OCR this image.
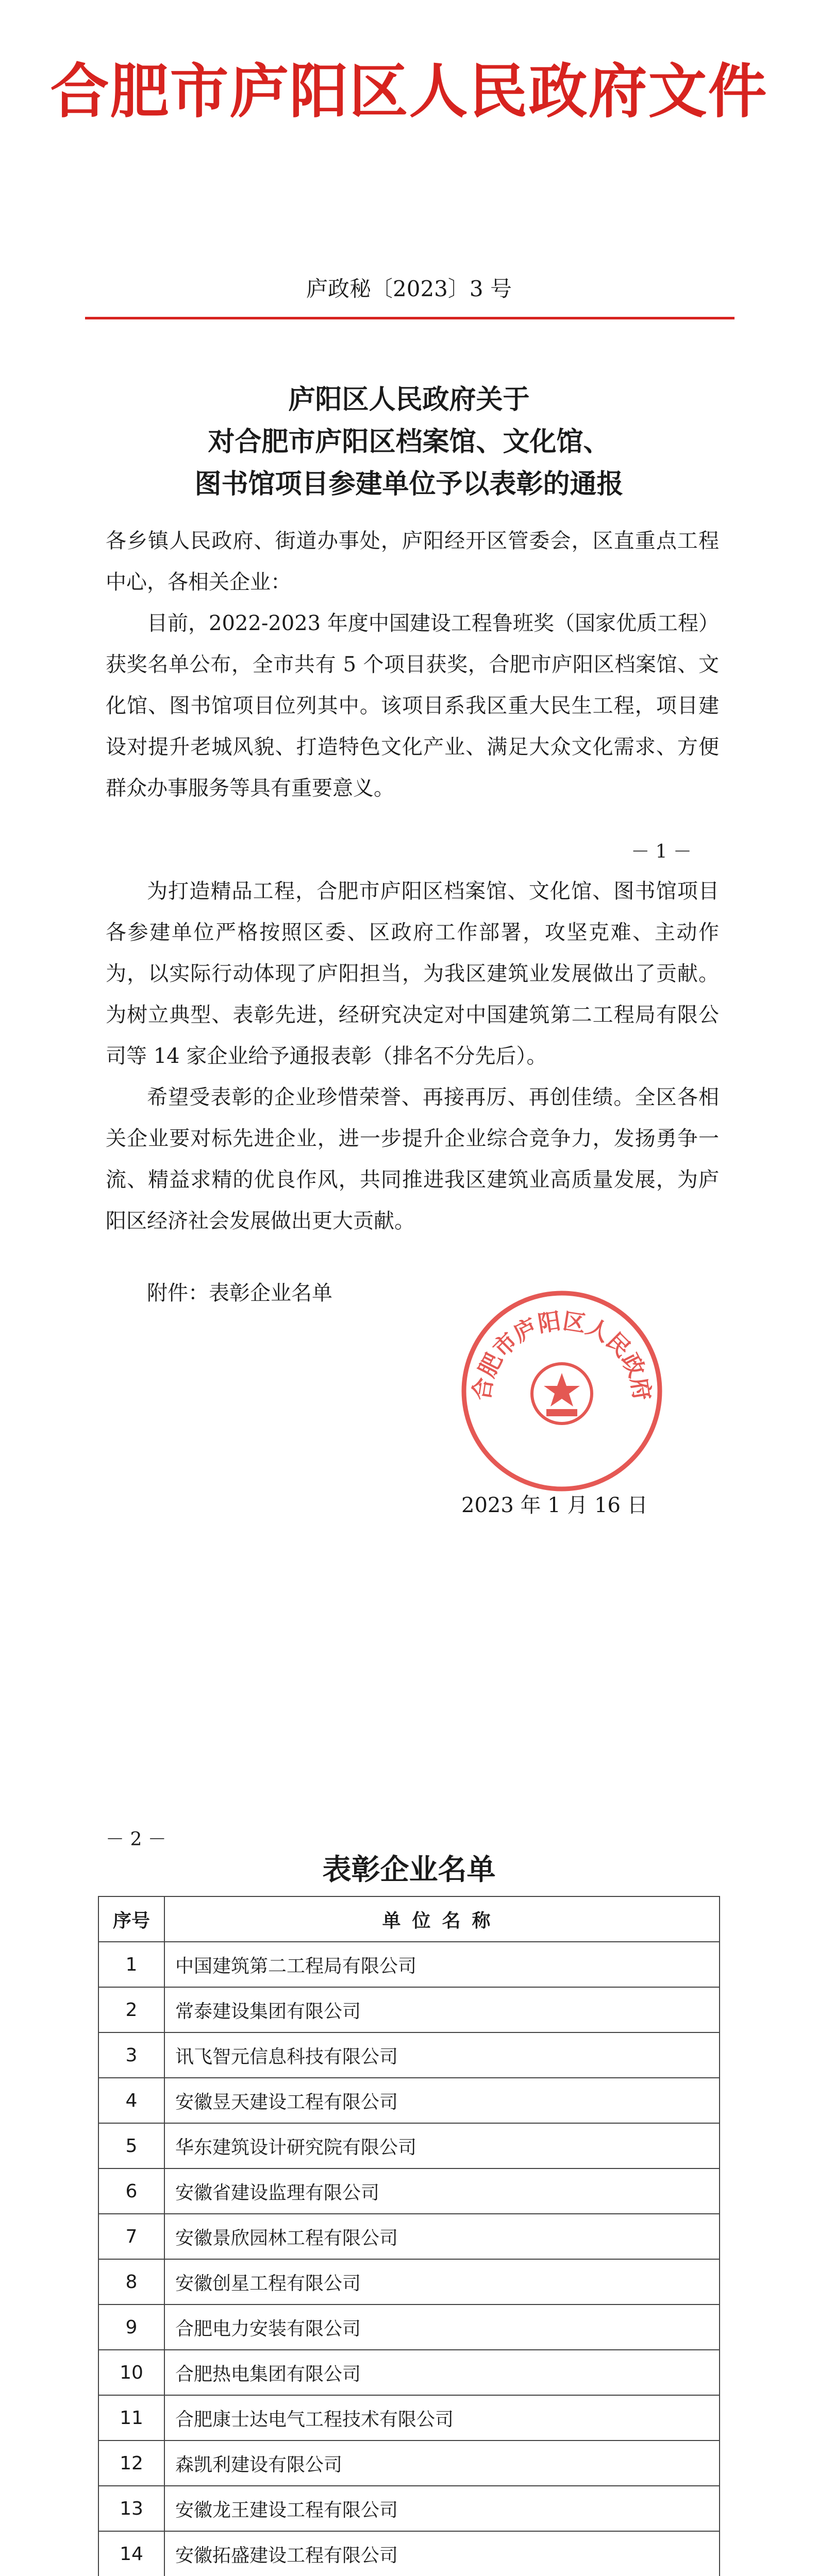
合肥市庐阳区人民政府文件
庐政秘〔2023〕3 号
庐阳区人民政府关于
对合肥市庐阳区档案馆、文化馆、
图书馆项目参建单位予以表彰的通报

各乡镇人民政府、街道办事处，庐阳经开区管委会，区直重点工程中心，各相关企业：

目前，2022-2023 年度中国建设工程鲁班奖（国家优质工程）获奖名单公布，全市共有 5 个项目获奖，合肥市庐阳区档案馆、文化馆、图书馆项目位列其中。该项目系我区重大民生工程，项目建设对提升老城风貌、打造特色文化产业、满足大众文化需求、方便群众办事服务等具有重要意义。

－ 1 －

为打造精品工程，合肥市庐阳区档案馆、文化馆、图书馆项目各参建单位严格按照区委、区政府工作部署，攻坚克难、主动作为，以实际行动体现了庐阳担当，为我区建筑业发展做出了贡献。为树立典型、表彰先进，经研究决定对中国建筑第二工程局有限公司等 14 家企业给予通报表彰（排名不分先后）。

希望受表彰的企业珍惜荣誉、再接再厉、再创佳绩。全区各相关企业要对标先进企业，进一步提升企业综合竞争力，发扬勇争一流、精益求精的优良作风，共同推进我区建筑业高质量发展，为庐阳区经济社会发展做出更大贡献。

附件：表彰企业名单

合肥市庐阳区人民政府
2023 年 1 月 16 日
－ 2 －
表彰企业名单
序号	单位名称
1	中国建筑第二工程局有限公司
2	常泰建设集团有限公司
3	讯飞智元信息科技有限公司
4	安徽昱天建设工程有限公司
5	华东建筑设计研究院有限公司
6	安徽省建设监理有限公司
7	安徽景欣园林工程有限公司
8	安徽创星工程有限公司
9	合肥电力安装有限公司
10	合肥热电集团有限公司
11	合肥康士达电气工程技术有限公司
12	森凯利建设有限公司
13	安徽龙王建设工程有限公司
14	安徽拓盛建设工程有限公司
